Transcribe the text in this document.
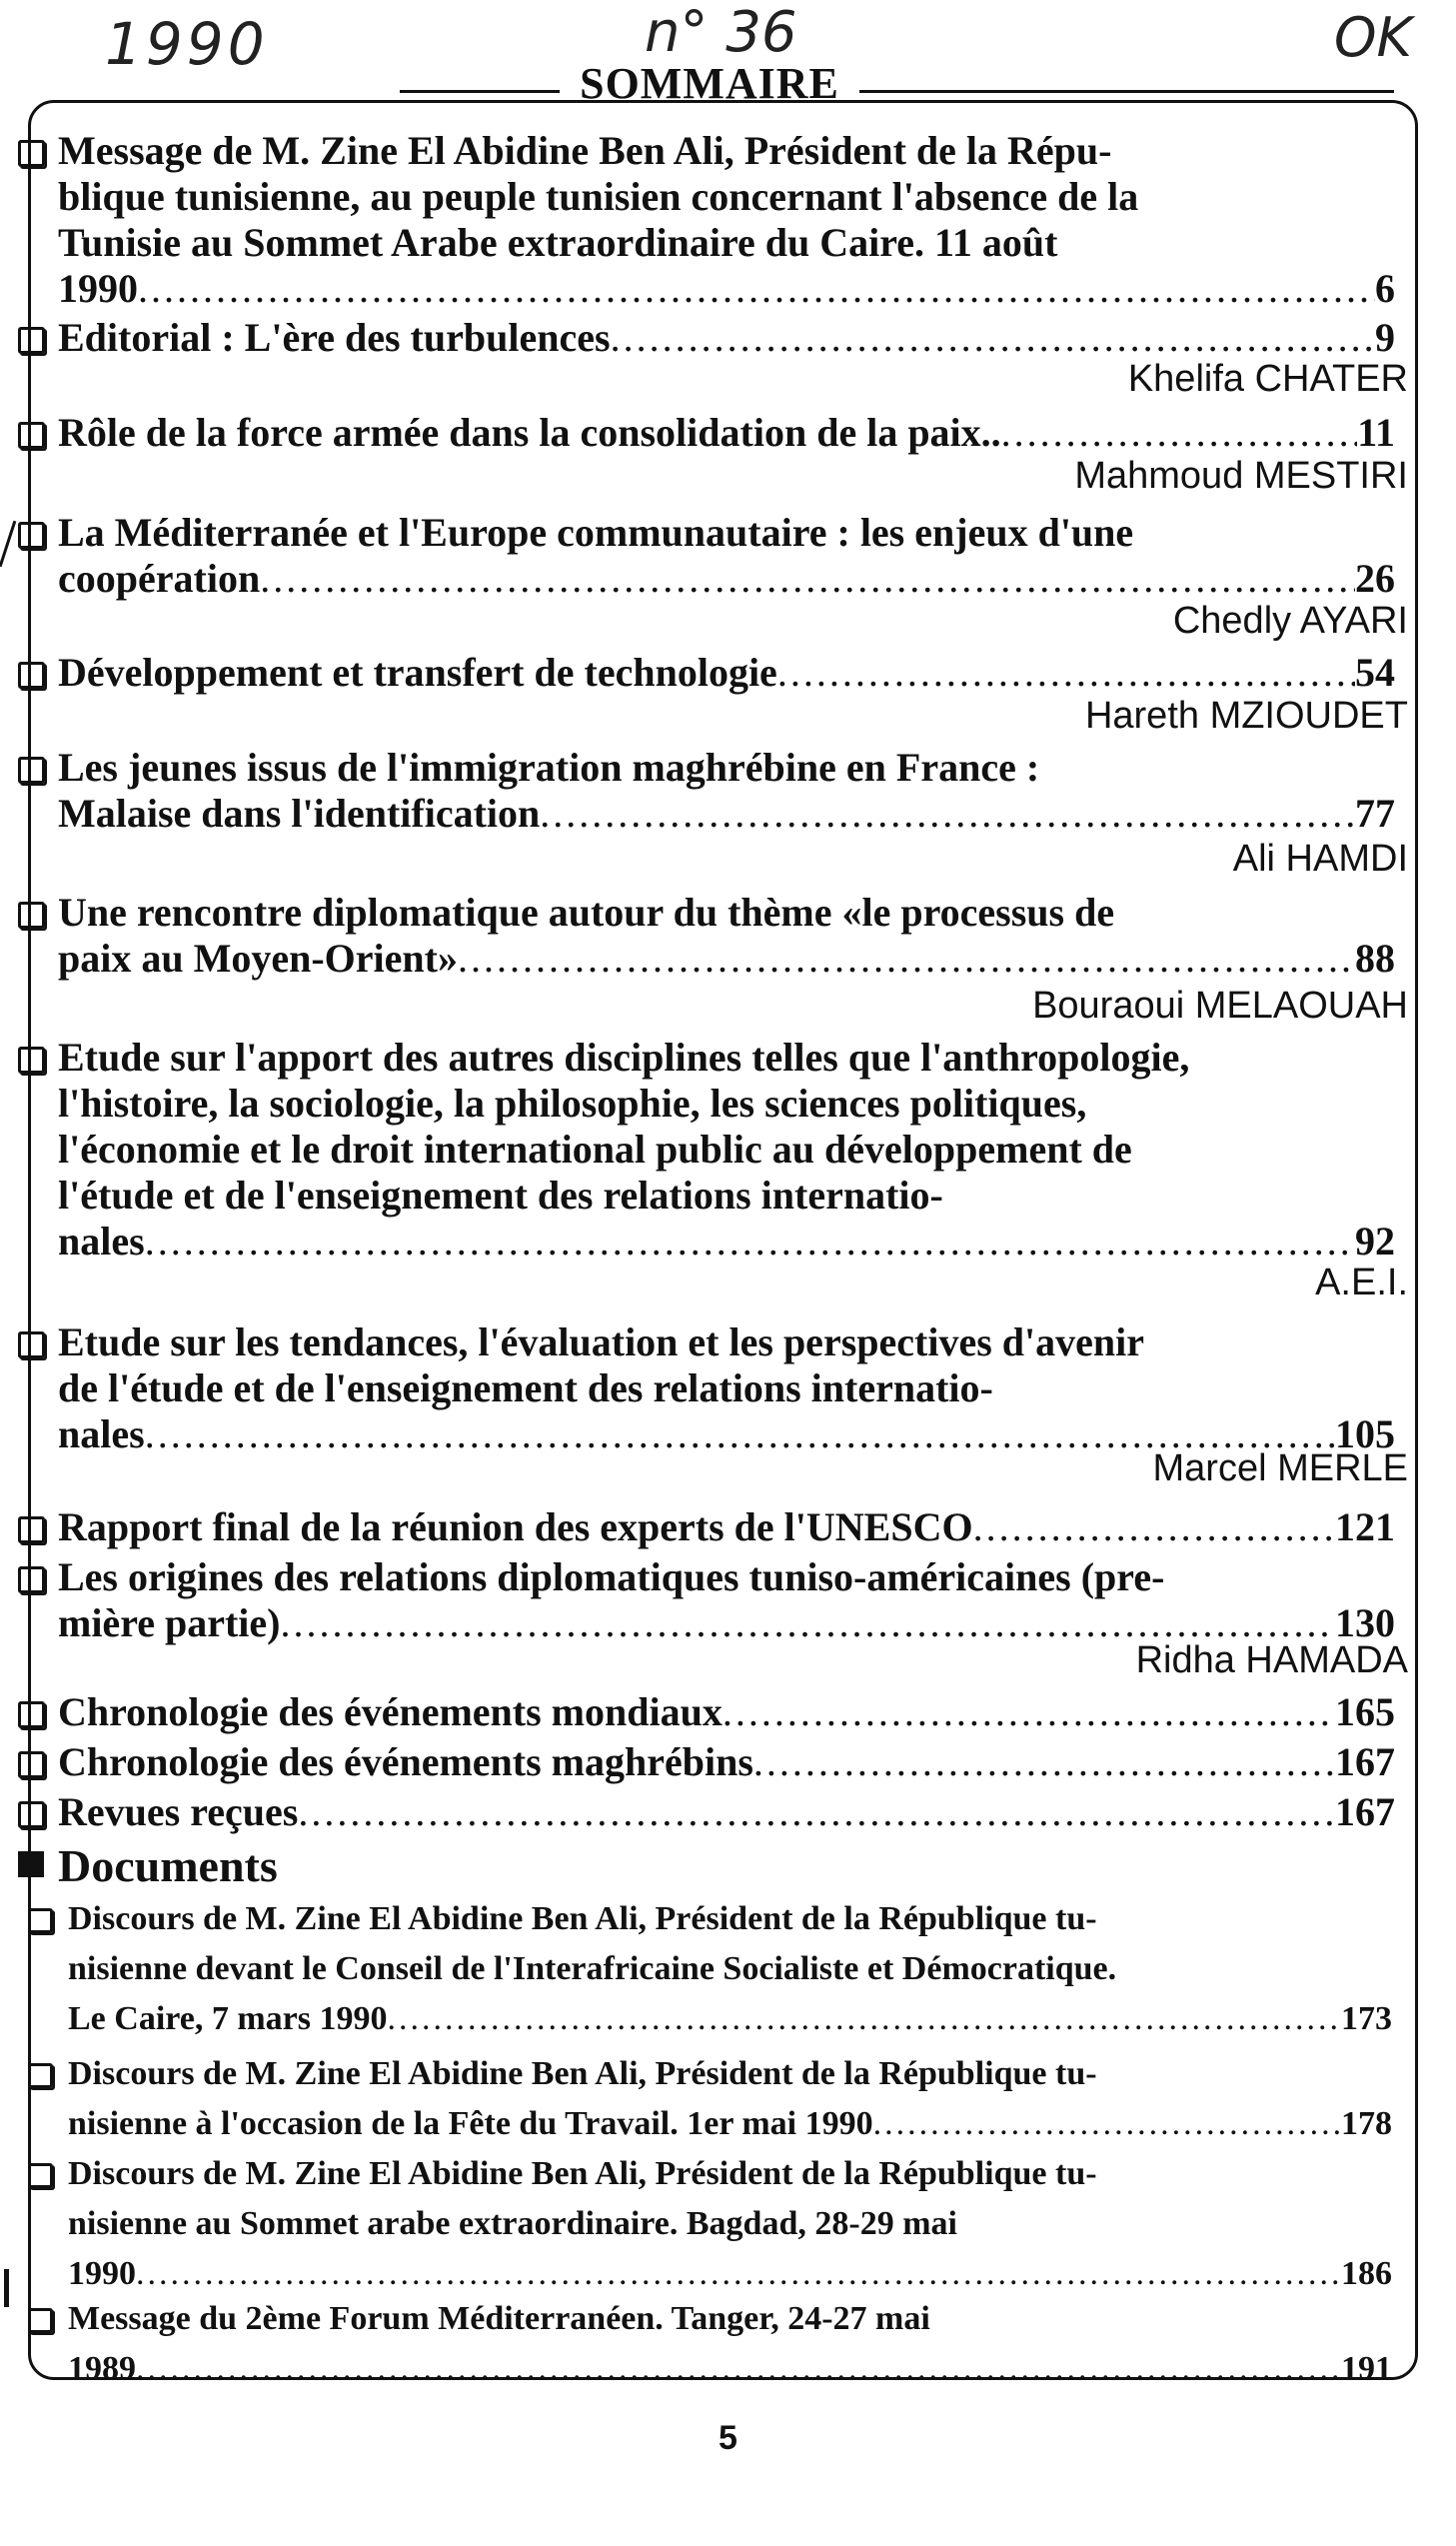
1990	n° 36	OK
SOMMAIRE
Message de M. Zine El Abidine Ben Ali, Président de la Répu-
blique tunisienne, au peuple tunisien concernant l'absence de la
Tunisie au Sommet Arabe extraordinaire du Caire. 11 août
1990 .....	6
Editorial : L'ère des turbulences .....	9
Khelifa CHATER
Rôle de la force armée dans la consolidation de la paix.. .....	11
Mahmoud MESTIRI
La Méditerranée et l'Europe communautaire : les enjeux d'une
coopération .....	26
Chedly AYARI
Développement et transfert de technologie .....	54
Hareth MZIOUDET
Les jeunes issus de l'immigration maghrébine en France :
Malaise dans l'identification .....	77
Ali HAMDI
Une rencontre diplomatique autour du thème «le processus de
paix au Moyen-Orient» .....	88
Bouraoui MELAOUAH
Etude sur l'apport des autres disciplines telles que l'anthropologie,
l'histoire, la sociologie, la philosophie, les sciences politiques,
l'économie et le droit international public au développement de
l'étude et de l'enseignement des relations internatio-
nales .....	92
A.E.I.
Etude sur les tendances, l'évaluation et les perspectives d'avenir
de l'étude et de l'enseignement des relations internatio-
nales .....	105
Marcel MERLE
Rapport final de la réunion des experts de l'UNESCO .....	121
Les origines des relations diplomatiques tuniso-américaines (pre-
mière partie) .....	130
Ridha HAMADA
Chronologie des événements mondiaux .....	165
Chronologie des événements maghrébins .....	167
Revues reçues .....	167
Documents
Discours de M. Zine El Abidine Ben Ali, Président de la République tu-
nisienne devant le Conseil de l'Interafricaine Socialiste et Démocratique.
Le Caire, 7 mars 1990 .....	173
Discours de M. Zine El Abidine Ben Ali, Président de la République tu-
nisienne à l'occasion de la Fête du Travail. 1er mai 1990 .....	178
Discours de M. Zine El Abidine Ben Ali, Président de la République tu-
nisienne au Sommet arabe extraordinaire. Bagdad, 28-29 mai
1990 .....	186
Message du 2ème Forum Méditerranéen. Tanger, 24-27 mai
1989 .....	191
5
